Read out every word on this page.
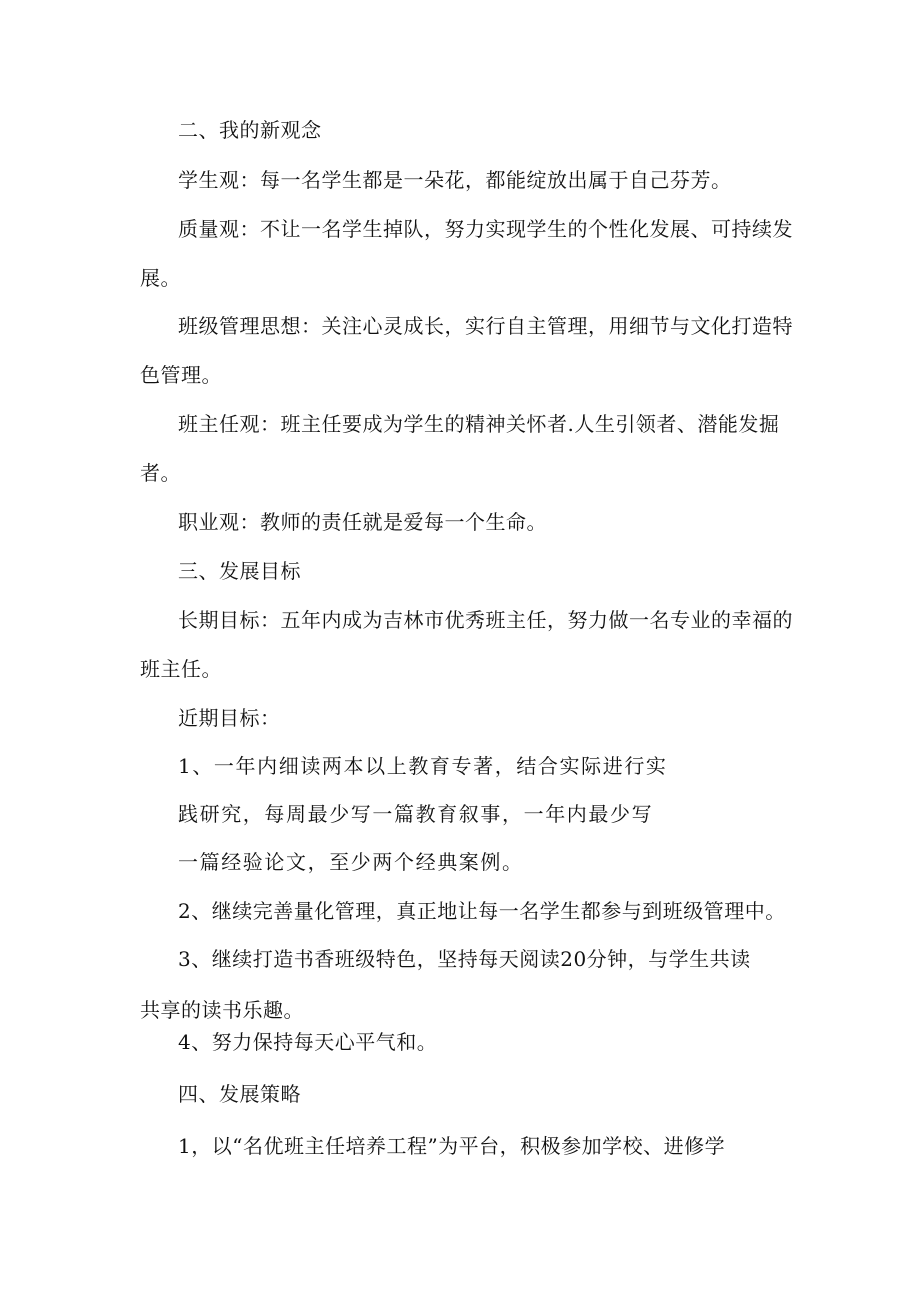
二、我的新观念
学生观：每一名学生都是一朵花，都能绽放出属于自己芬芳。
质量观：不让一名学生掉队，努力实现学生的个性化发展、可持续发
展。
班级管理思想：关注心灵成长，实行自主管理，用细节与文化打造特
色管理。
班主任观：班主任要成为学生的精神关怀者.人生引领者、潜能发掘
者。
职业观：教师的责任就是爱每一个生命。
三、发展目标
长期目标：五年内成为吉林市优秀班主任，努力做一名专业的幸福的
班主任。
近期目标：
1、一年内细读两本以上教育专著，结合实际进行实
践研究，每周最少写一篇教育叙事，一年内最少写
一篇经验论文，至少两个经典案例。
2、继续完善量化管理，真正地让每一名学生都参与到班级管理中。
3、继续打造书香班级特色，坚持每天阅读20分钟，与学生共读
共享的读书乐趣。
4、努力保持每天心平气和。
四、发展策略
1，以“名优班主任培养工程”为平台，积极参加学校、进修学
